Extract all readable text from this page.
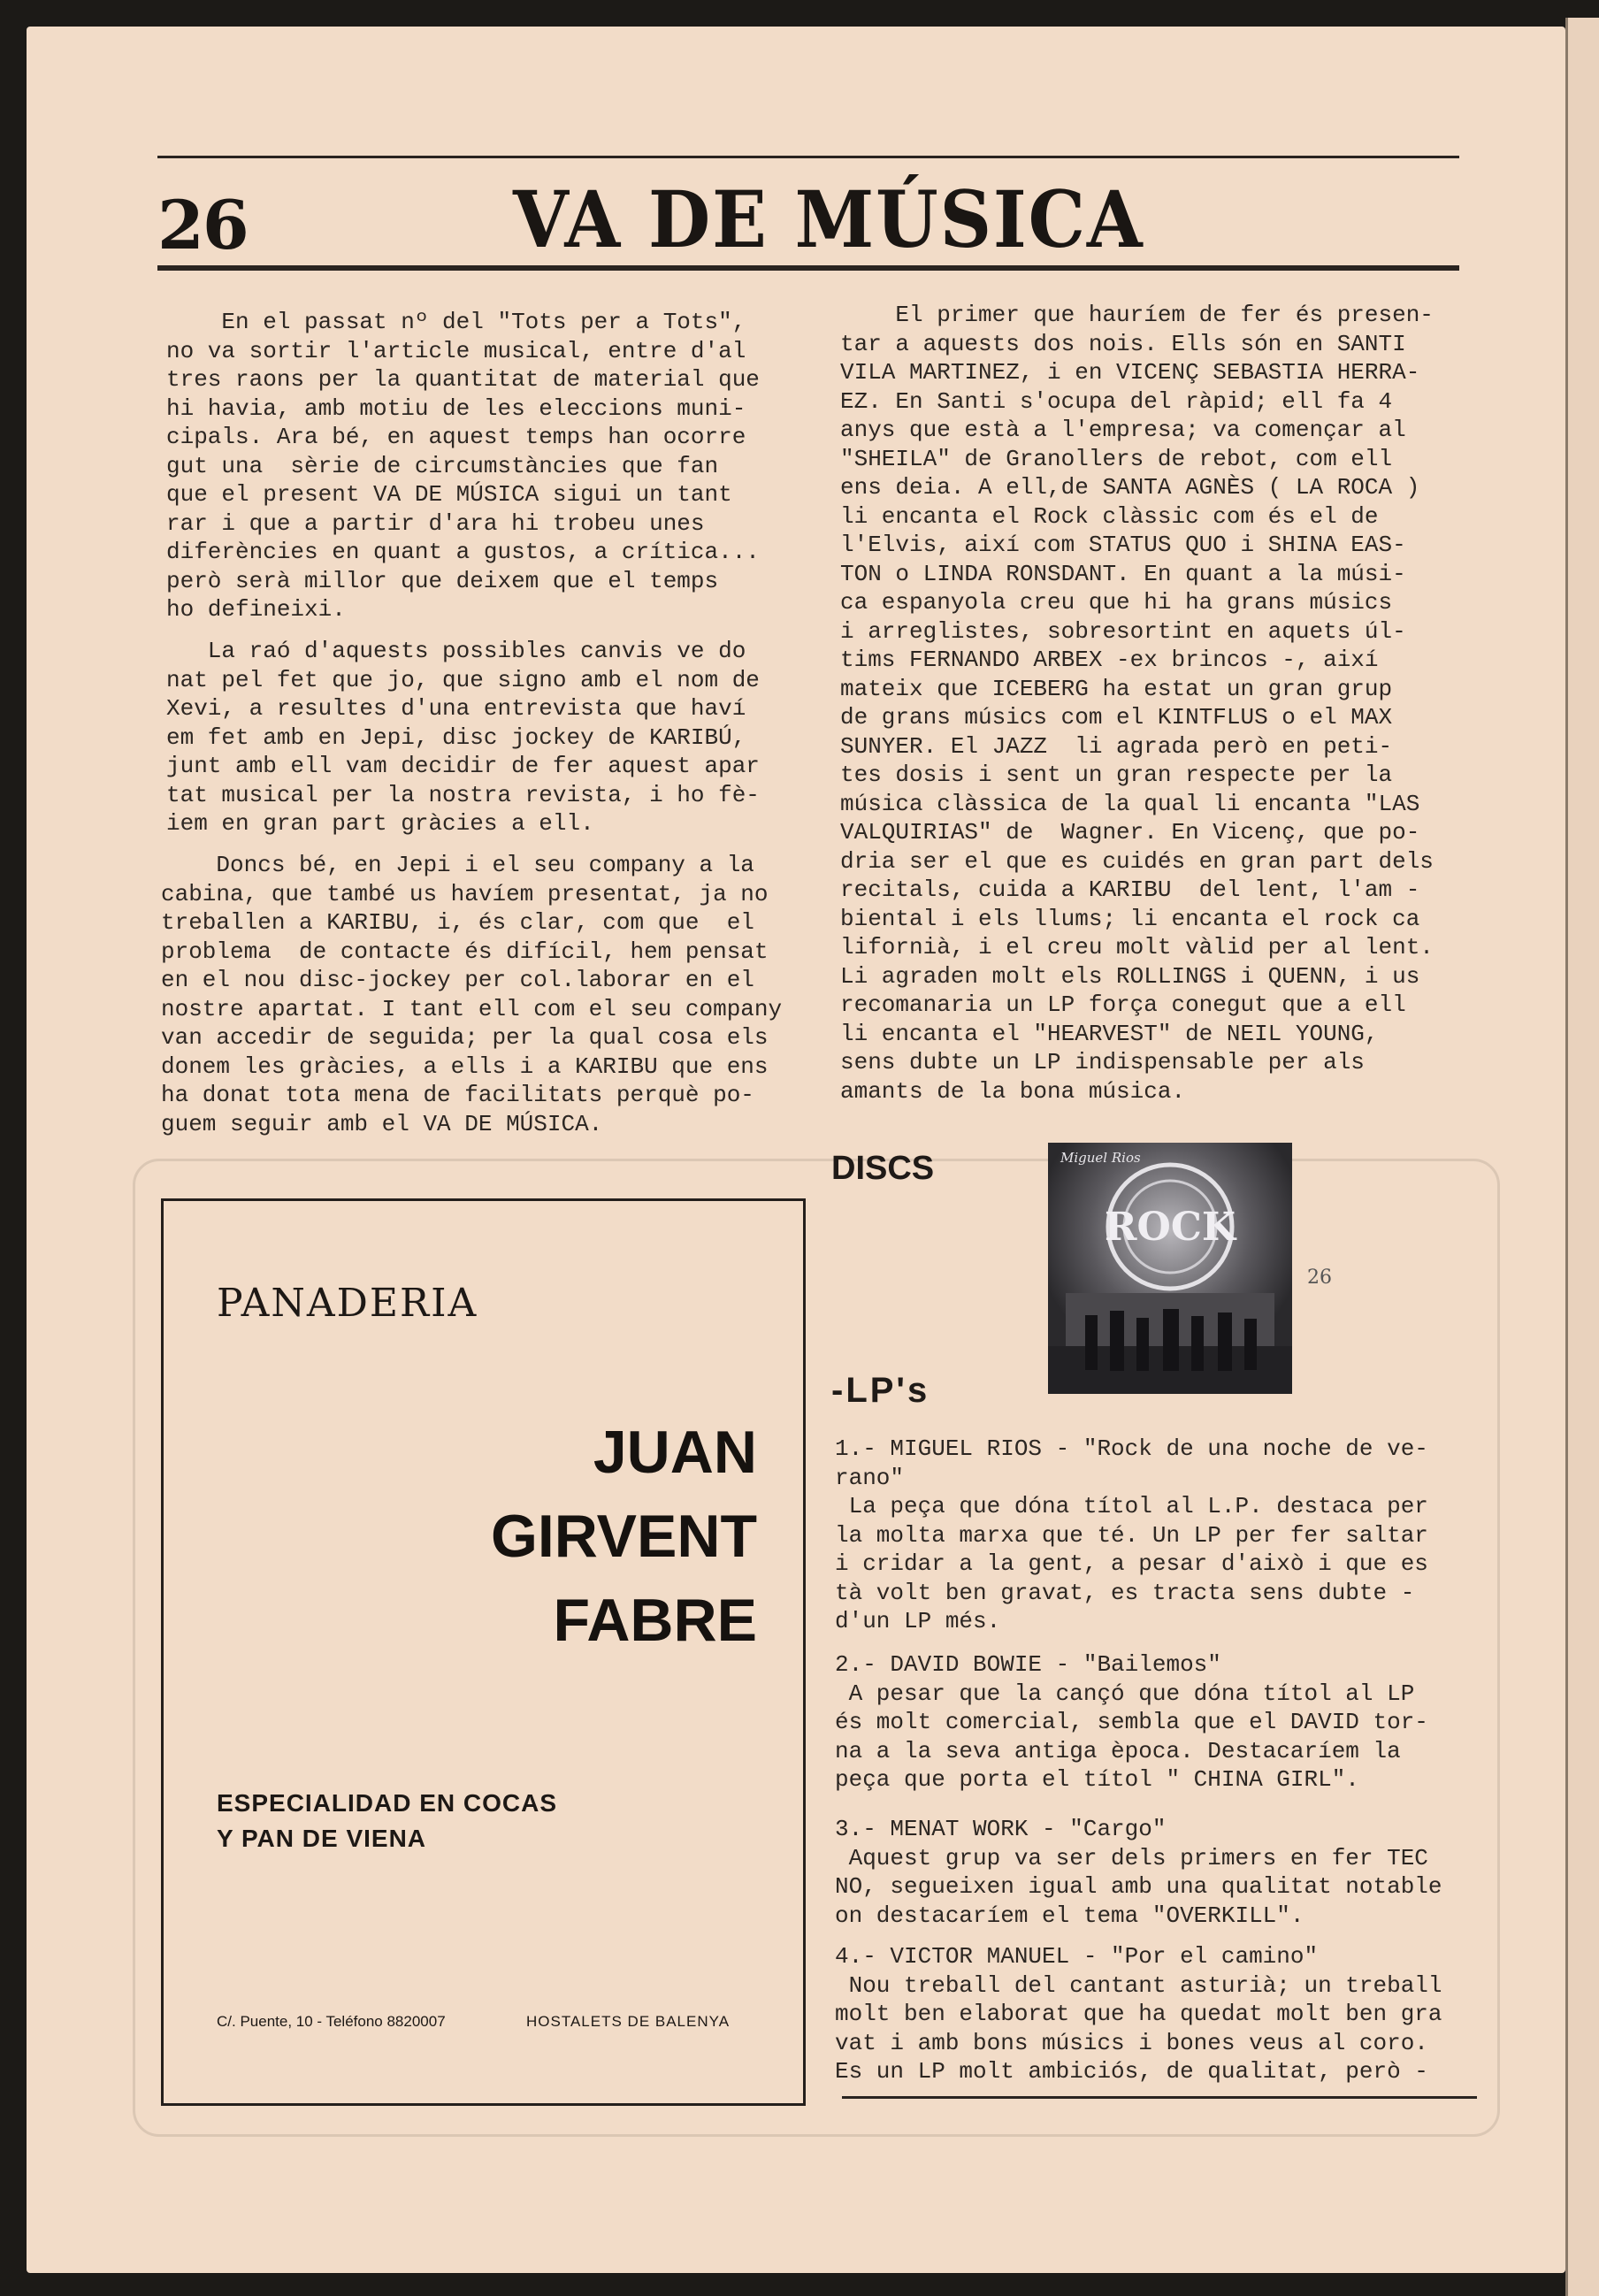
26	VA DE MÚSICA
En el passat nº del "Tots per a Tots",
no va sortir l'article musical, entre d'al
tres raons per la quantitat de material que
hi havia, amb motiu de les eleccions muni-
cipals. Ara bé, en aquest temps han ocorre
gut una  sèrie de circumstàncies que fan
que el present VA DE MÚSICA sigui un tant
rar i que a partir d'ara hi trobeu unes
diferències en quant a gustos, a crítica...
però serà millor que deixem que el temps
ho defineixi.
La raó d'aquests possibles canvis ve do
nat pel fet que jo, que signo amb el nom de
Xevi, a resultes d'una entrevista que haví
em fet amb en Jepi, disc jockey de KARIBÚ,
junt amb ell vam decidir de fer aquest apar
tat musical per la nostra revista, i ho fè-
iem en gran part gràcies a ell.
Doncs bé, en Jepi i el seu company a la
cabina, que també us havíem presentat, ja no
treballen a KARIBU, i, és clar, com que  el
problema  de contacte és difícil, hem pensat
en el nou disc-jockey per col.laborar en el
nostre apartat. I tant ell com el seu company
van accedir de seguida; per la qual cosa els
donem les gràcies, a ells i a KARIBU que ens
ha donat tota mena de facilitats perquè po-
guem seguir amb el VA DE MÚSICA.
El primer que hauríem de fer és presen-
tar a aquests dos nois. Ells són en SANTI
VILA MARTINEZ, i en VICENÇ SEBASTIA HERRA-
EZ. En Santi s'ocupa del ràpid; ell fa 4
anys que està a l'empresa; va començar al
"SHEILA" de Granollers de rebot, com ell
ens deia. A ell,de SANTA AGNÈS ( LA ROCA )
li encanta el Rock clàssic com és el de
l'Elvis, així com STATUS QUO i SHINA EAS-
TON o LINDA RONSDANT. En quant a la músi-
ca espanyola creu que hi ha grans músics
i arreglistes, sobresortint en aquets úl-
tims FERNANDO ARBEX -ex brincos -, així
mateix que ICEBERG ha estat un gran grup
de grans músics com el KINTFLUS o el MAX
SUNYER. El JAZZ  li agrada però en peti-
tes dosis i sent un gran respecte per la
música clàssica de la qual li encanta "LAS
VALQUIRIAS" de  Wagner. En Vicenç, que po-
dria ser el que es cuidés en gran part dels
recitals, cuida a KARIBU  del lent, l'am -
biental i els llums; li encanta el rock ca
lifornià, i el creu molt vàlid per al lent.
Li agraden molt els ROLLINGS i QUENN, i us
recomanaria un LP força conegut que a ell
li encanta el "HEARVEST" de NEIL YOUNG,
sens dubte un LP indispensable per als
amants de la bona música.
DISCS
ROCK
Miguel Rios
26
-LP's
1.- MIGUEL RIOS - "Rock de una noche de ve-
rano"
La peça que dóna títol al L.P. destaca per
la molta marxa que té. Un LP per fer saltar
i cridar a la gent, a pesar d'això i que es
tà volt ben gravat, es tracta sens dubte -
d'un LP més.
2.- DAVID BOWIE - "Bailemos"
A pesar que la cançó que dóna títol al LP
és molt comercial, sembla que el DAVID tor-
na a la seva antiga època. Destacaríem la
peça que porta el títol " CHINA GIRL".
3.- MENAT WORK - "Cargo"
Aquest grup va ser dels primers en fer TEC
NO, segueixen igual amb una qualitat notable
on destacaríem el tema "OVERKILL".
4.- VICTOR MANUEL - "Por el camino"
Nou treball del cantant asturià; un treball
molt ben elaborat que ha quedat molt ben gra
vat i amb bons músics i bones veus al coro.
Es un LP molt ambiciós, de qualitat, però -
PANADERIA
JUAN
GIRVENT
FABRE
ESPECIALIDAD EN COCAS
Y PAN DE VIENA
C/. Puente, 10 - Teléfono 8820007	HOSTALETS DE BALENYA
